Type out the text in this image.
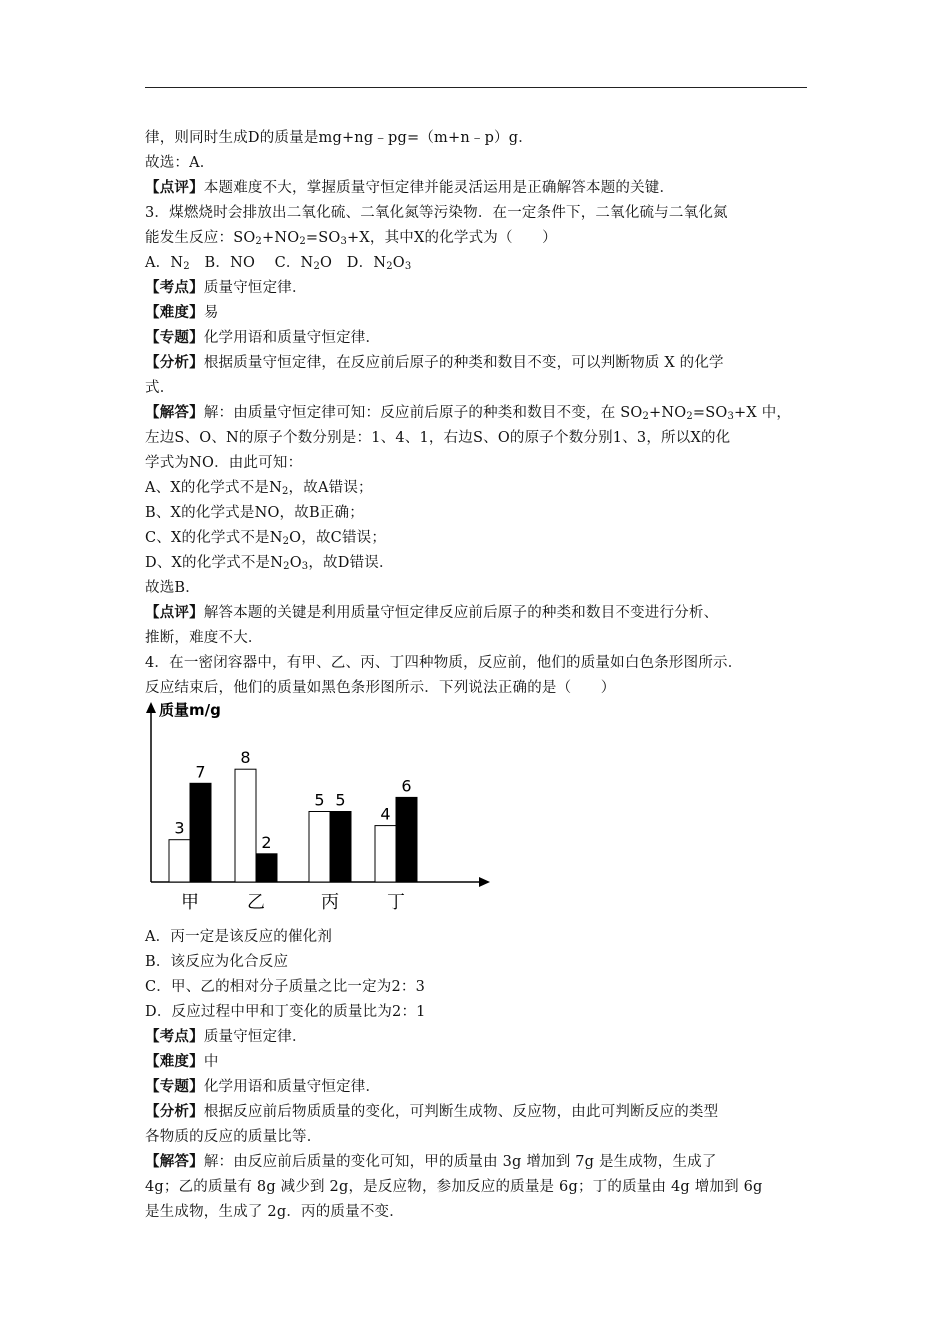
律，则同时生成D的质量是mg+ng﹣pg=（m+n﹣p）g．
故选：A．
【点评】本题难度不大，掌握质量守恒定律并能灵活运用是正确解答本题的关键．
3．煤燃烧时会排放出二氧化硫、二氧化氮等污染物．在一定条件下，二氧化硫与二氧化氮
能发生反应：$SO_2+NO_2=SO_3+X$，其中X的化学式为（　　）
A．$N_2$　B．NO　 C．$N_2O$　D．$N_2O_3$
【考点】质量守恒定律．
【难度】易
【专题】化学用语和质量守恒定律．
【分析】根据质量守恒定律，在反应前后原子的种类和数目不变，可以判断物质 X 的化学
式．
【解答】解：由质量守恒定律可知：反应前后原子的种类和数目不变，在 $SO_2+NO_2=SO_3+X$ 中，
左边S、O、N的原子个数分别是：1、4、1，右边S、O的原子个数分别1、3，所以X的化
学式为NO．由此可知：
A、X的化学式不是$N_2$，故A错误；
B、X的化学式是NO，故B正确；
C、X的化学式不是$N_2O$，故C错误；
D、X的化学式不是$N_2O_3$，故D错误．
故选B．
【点评】解答本题的关键是利用质量守恒定律反应前后原子的种类和数目不变进行分析、
推断，难度不大．
4．在一密闭容器中，有甲、乙、丙、丁四种物质，反应前，他们的质量如白色条形图所示．
反应结束后，他们的质量如黑色条形图所示．下列说法正确的是（　　）
质量m/g
3
7
甲
8
2
乙
5 5
丙
4
6
丁
A．丙一定是该反应的催化剂
B．该反应为化合反应
C．甲、乙的相对分子质量之比一定为2：3
D．反应过程中甲和丁变化的质量比为2：1
【考点】质量守恒定律．
【难度】中
【专题】化学用语和质量守恒定律．
【分析】根据反应前后物质质量的变化，可判断生成物、反应物，由此可判断反应的类型
各物质的反应的质量比等．
【解答】解：由反应前后质量的变化可知，甲的质量由 3g 增加到 7g 是生成物，生成了
4g；乙的质量有 8g 减少到 2g，是反应物，参加反应的质量是 6g；丁的质量由 4g 增加到 6g
是生成物，生成了 2g．丙的质量不变．
